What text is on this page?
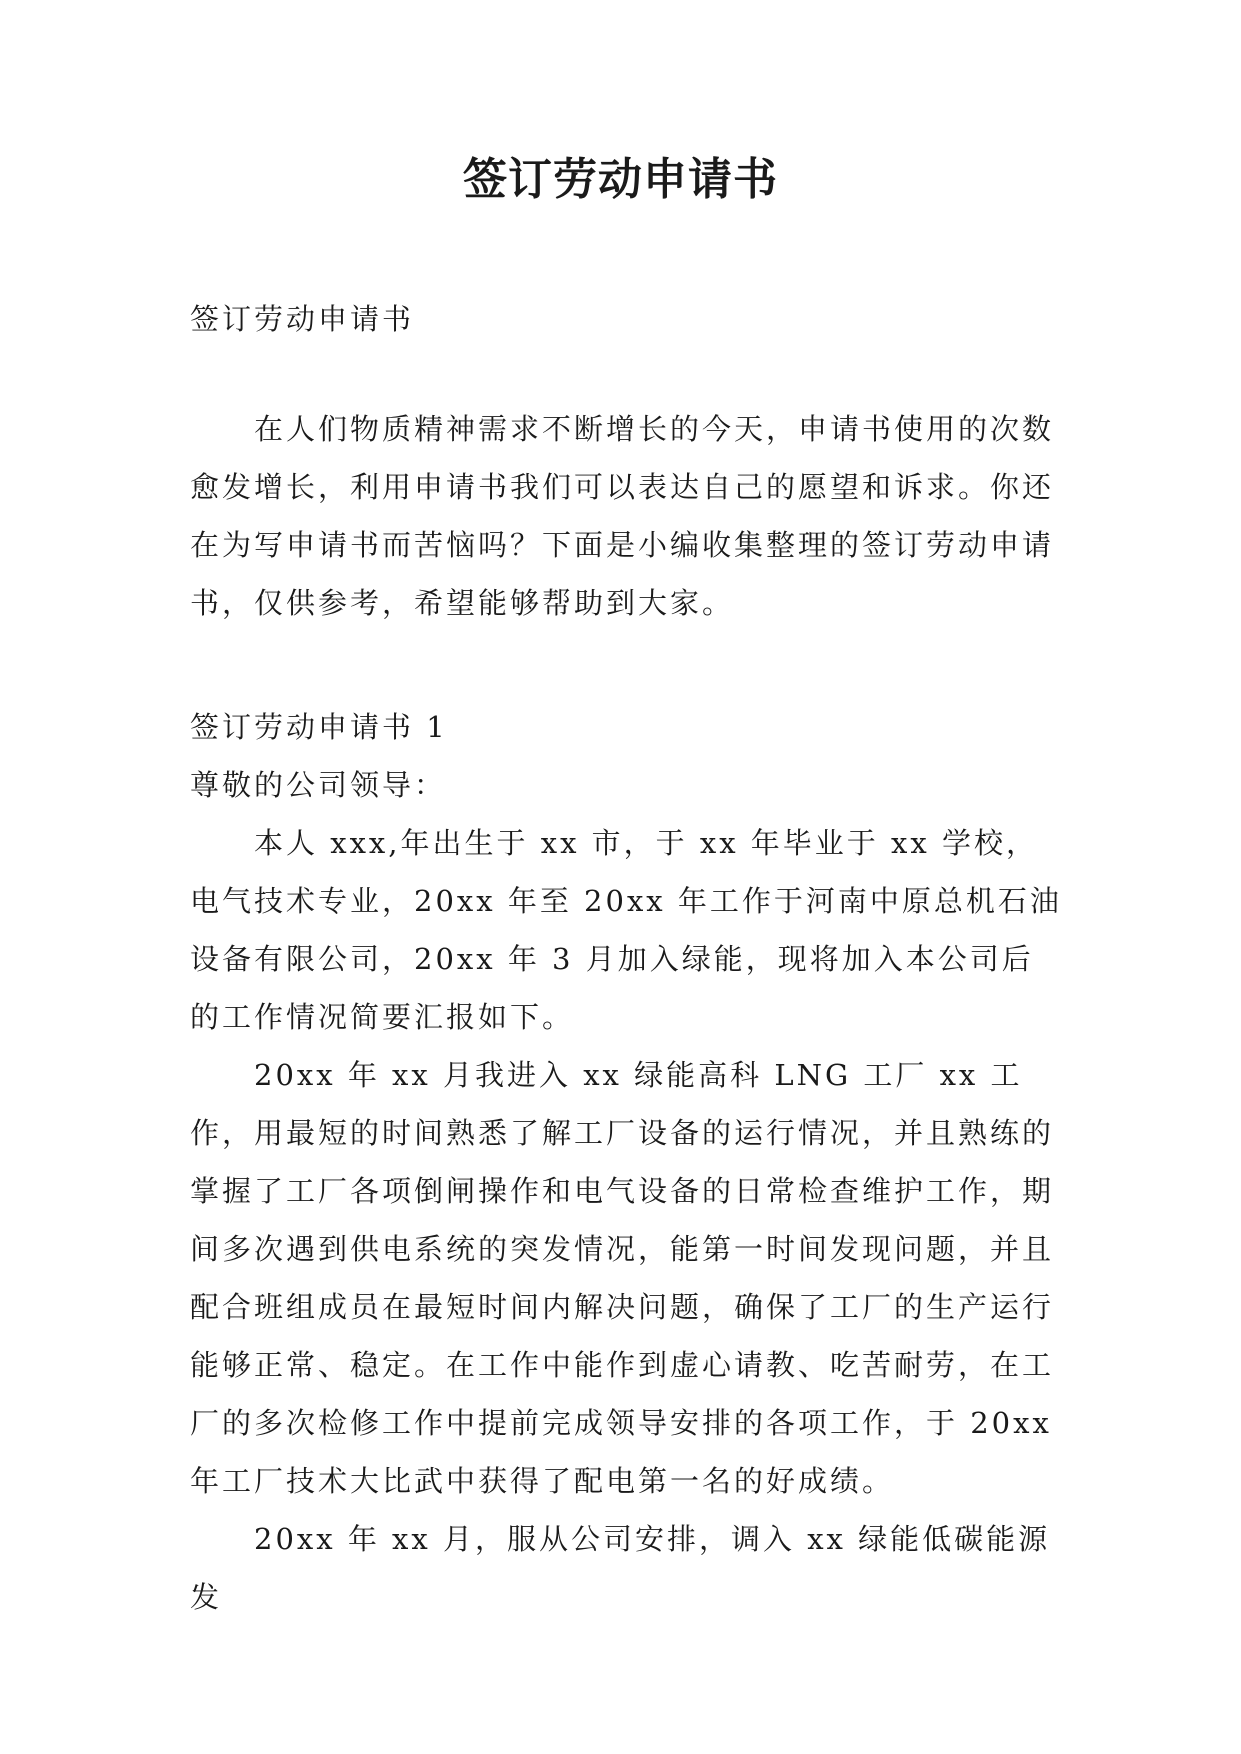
签订劳动申请书

签订劳动申请书

在人们物质精神需求不断增长的今天，申请书使用的次数愈发增长，利用申请书我们可以表达自己的愿望和诉求。你还在为写申请书而苦恼吗？下面是小编收集整理的签订劳动申请书，仅供参考，希望能够帮助到大家。

签订劳动申请书 1

尊敬的公司领导：

本人 xxx,年出生于 xx 市，于 xx 年毕业于 xx 学校，电气技术专业，20xx 年至 20xx 年工作于河南中原总机石油设备有限公司，20xx 年 3 月加入绿能，现将加入本公司后的工作情况简要汇报如下。

20xx 年 xx 月我进入 xx 绿能高科 LNG 工厂 xx 工作，用最短的时间熟悉了解工厂设备的运行情况，并且熟练的掌握了工厂各项倒闸操作和电气设备的日常检查维护工作，期间多次遇到供电系统的突发情况，能第一时间发现问题，并且配合班组成员在最短时间内解决问题，确保了工厂的生产运行能够正常、稳定。在工作中能作到虚心请教、吃苦耐劳，在工厂的多次检修工作中提前完成领导安排的各项工作，于 20xx 年工厂技术大比武中获得了配电第一名的好成绩。

20xx 年 xx 月，服从公司安排，调入 xx 绿能低碳能源发
